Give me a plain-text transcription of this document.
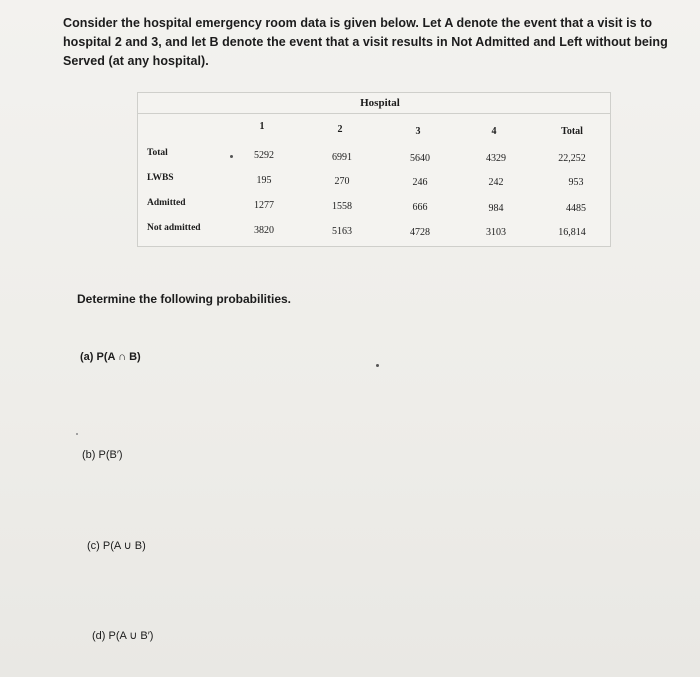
Consider the hospital emergency room data is given below. Let A denote the event that a visit is to hospital 2 and 3, and let B denote the event that a visit results in Not Admitted and Left without being Served (at any hospital).
Hospital
1	2	3	4	Total
Total	5292	6991	5640	4329	22,252
LWBS	195	270	246	242	953
Admitted	1277	1558	666	984	4485
Not admitted	3820	5163	4728	3103	16,814
Determine the following probabilities.
(a) P(A ∩ B)
(b) P(B′)
(c) P(A ∪ B)
(d) P(A ∪ B′)
